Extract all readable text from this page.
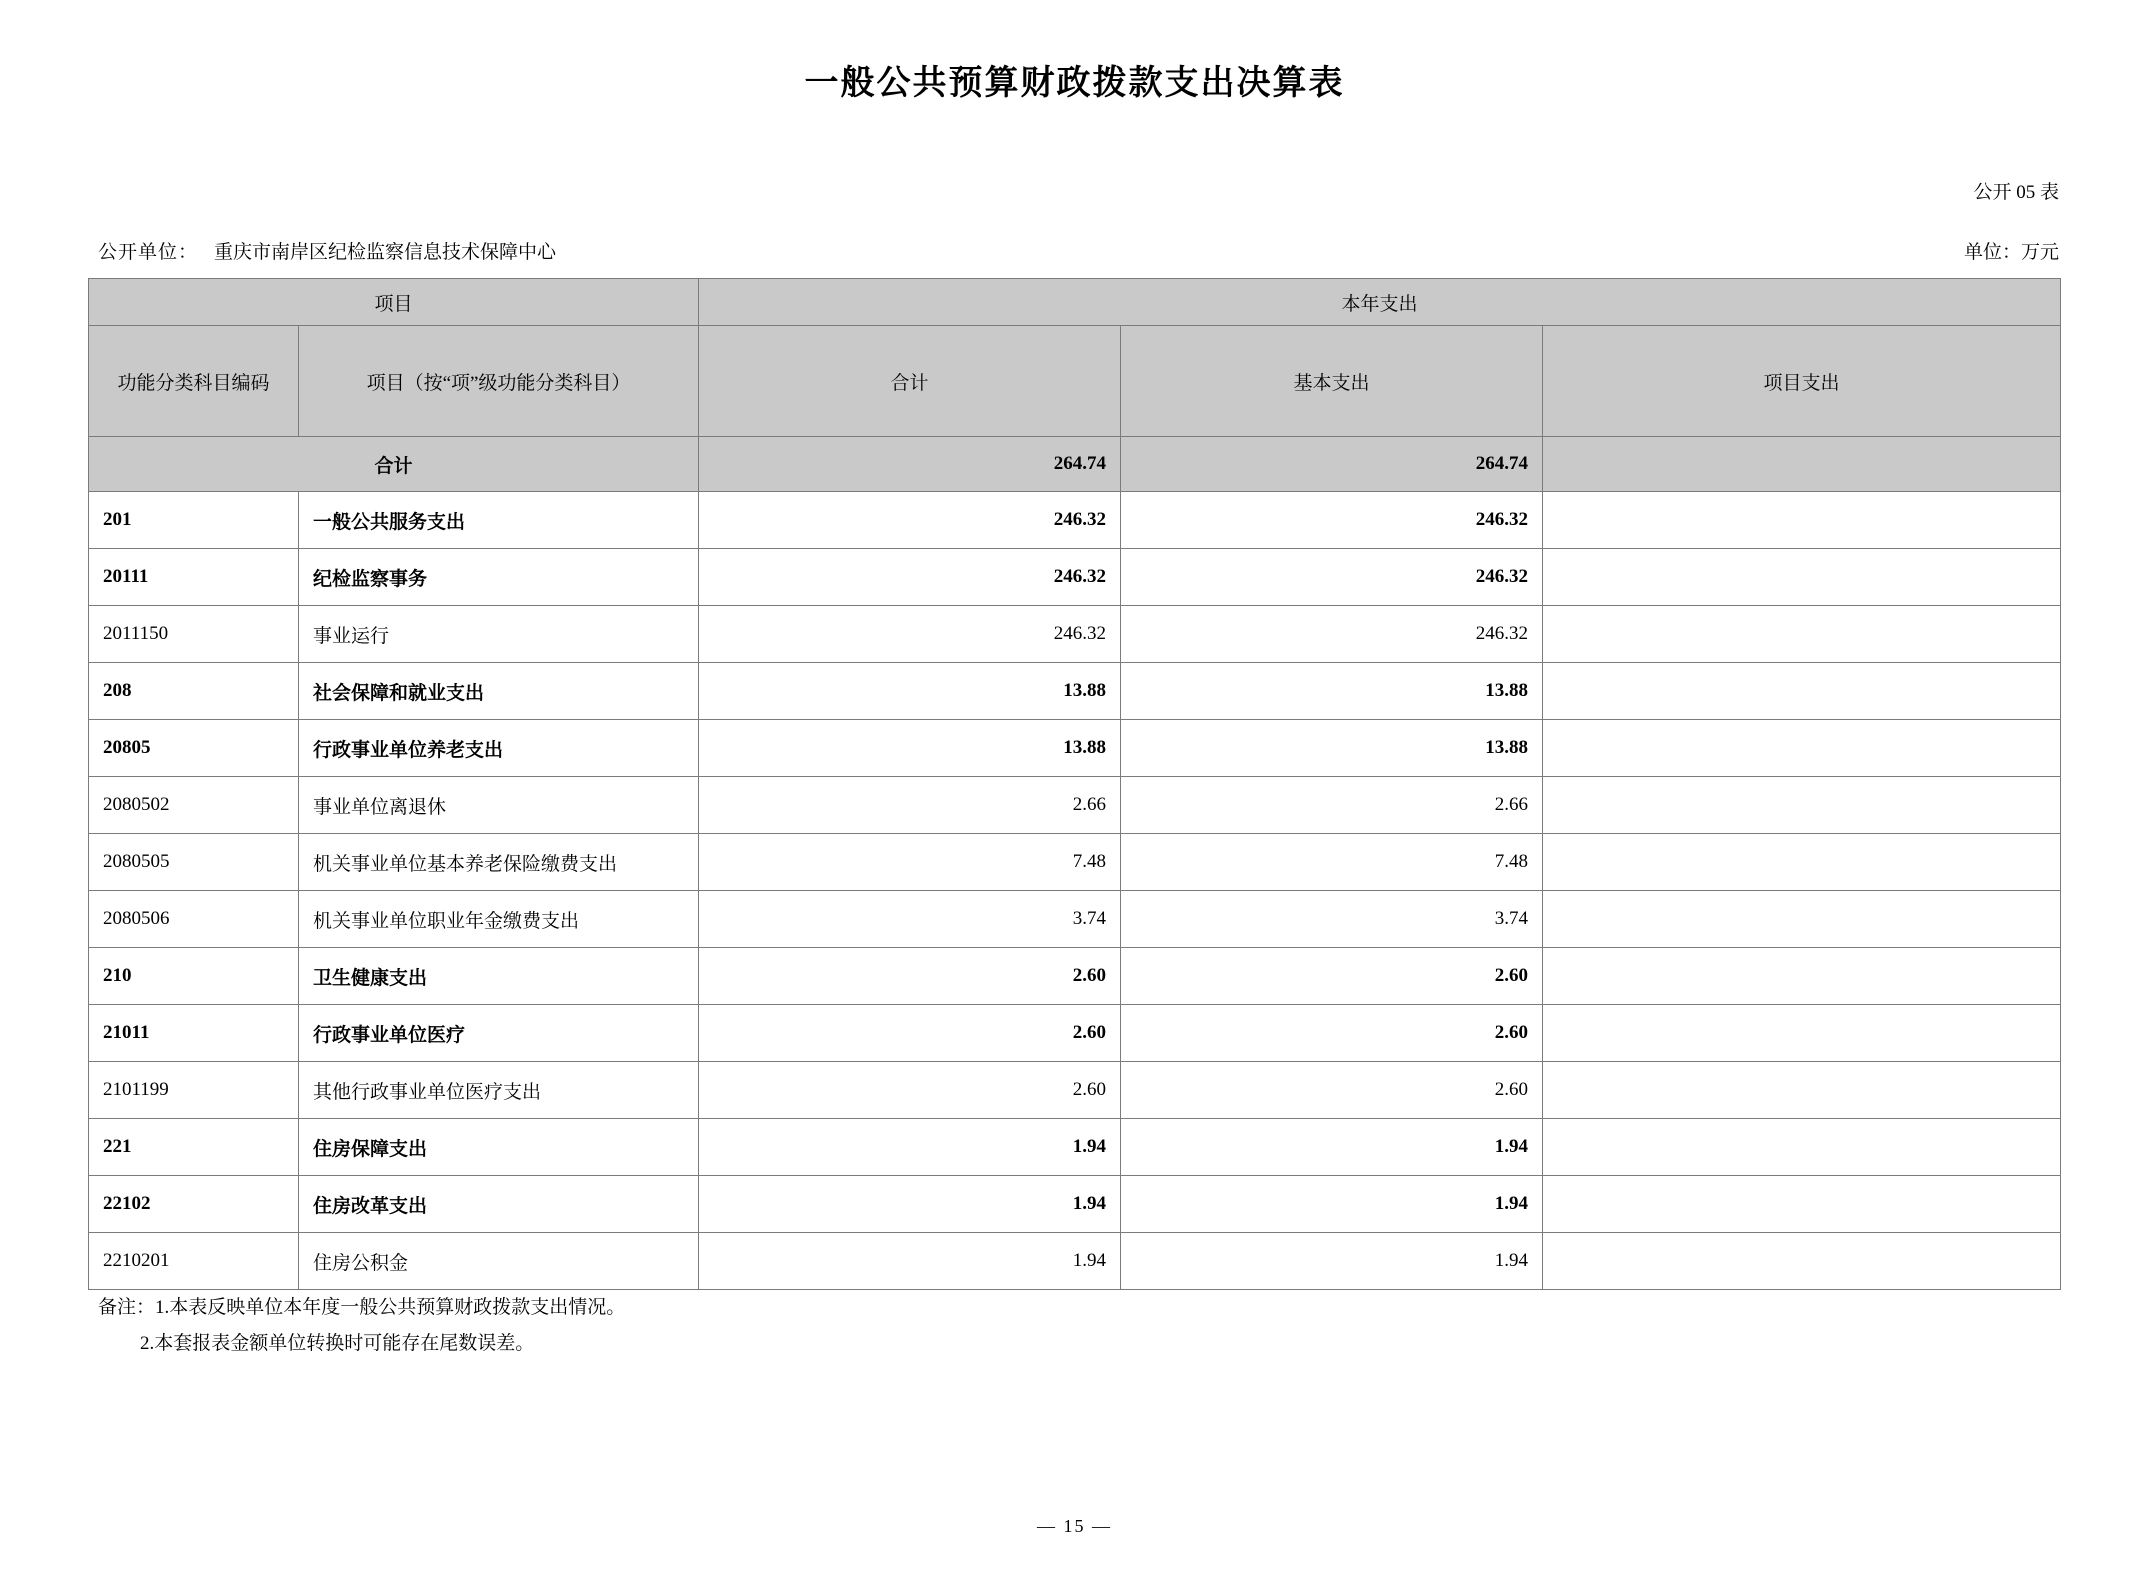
一般公共预算财政拨款支出决算表
公开 05 表
公开单位： 重庆市南岸区纪检监察信息技术保障中心	单位：万元
项目		本年支出		
功能分类科目编码	项目（按“项”级功能分类科目）	合计	基本支出	项目支出
合计		264.74	264.74	
201	一般公共服务支出	246.32	246.32	
20111	纪检监察事务	246.32	246.32	
2011150	事业运行	246.32	246.32	
208	社会保障和就业支出	13.88	13.88	
20805	行政事业单位养老支出	13.88	13.88	
2080502	事业单位离退休	2.66	2.66	
2080505	机关事业单位基本养老保险缴费支出	7.48	7.48	
2080506	机关事业单位职业年金缴费支出	3.74	3.74	
210	卫生健康支出	2.60	2.60	
21011	行政事业单位医疗	2.60	2.60	
2101199	其他行政事业单位医疗支出	2.60	2.60	
221	住房保障支出	1.94	1.94	
22102	住房改革支出	1.94	1.94	
2210201	住房公积金	1.94	1.94	
备注：1.本表反映单位本年度一般公共预算财政拨款支出情况。
2.本套报表金额单位转换时可能存在尾数误差。
— 15 —
